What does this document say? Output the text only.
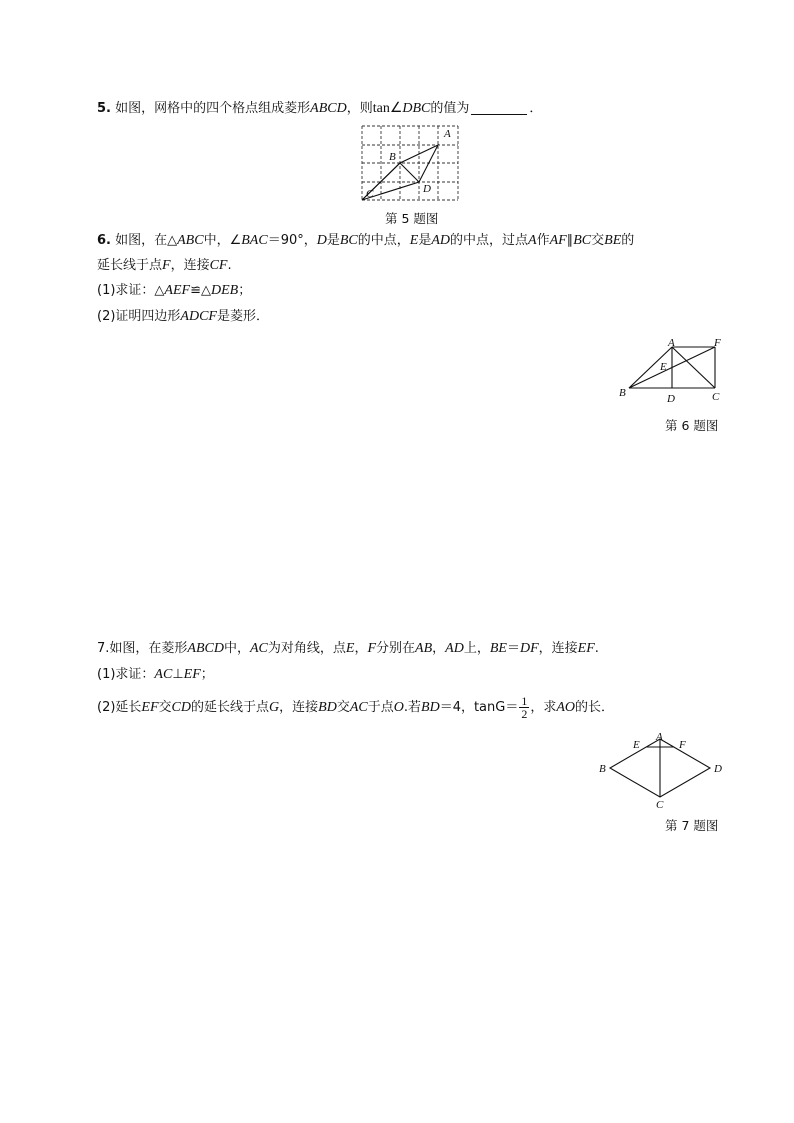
5. 如图，网格中的四个格点组成菱形ABCD，则tan∠DBC的值为	．
A
B
C	D
第 5 题图
6. 如图，在△ABC中，∠BAC＝90°，D是BC的中点，E是AD的中点，过点A作AF∥BC交BE的
延长线于点F，连接CF.
(1)求证：△AEF≌△DEB；
(2)证明四边形ADCF是菱形．
A	F
E
B	D	C
第 6 题图
7.如图，在菱形ABCD中，AC为对角线，点E，F分别在AB，AD上，BE＝DF，连接EF.
(1)求证：AC⊥EF；
(2)延长EF交CD的延长线于点G，连接BD交AC于点O.若BD＝4，$\tan G= \frac{1}{2}$ ，求AO的长．
A
E	F
B	D
C
第 7 题图
